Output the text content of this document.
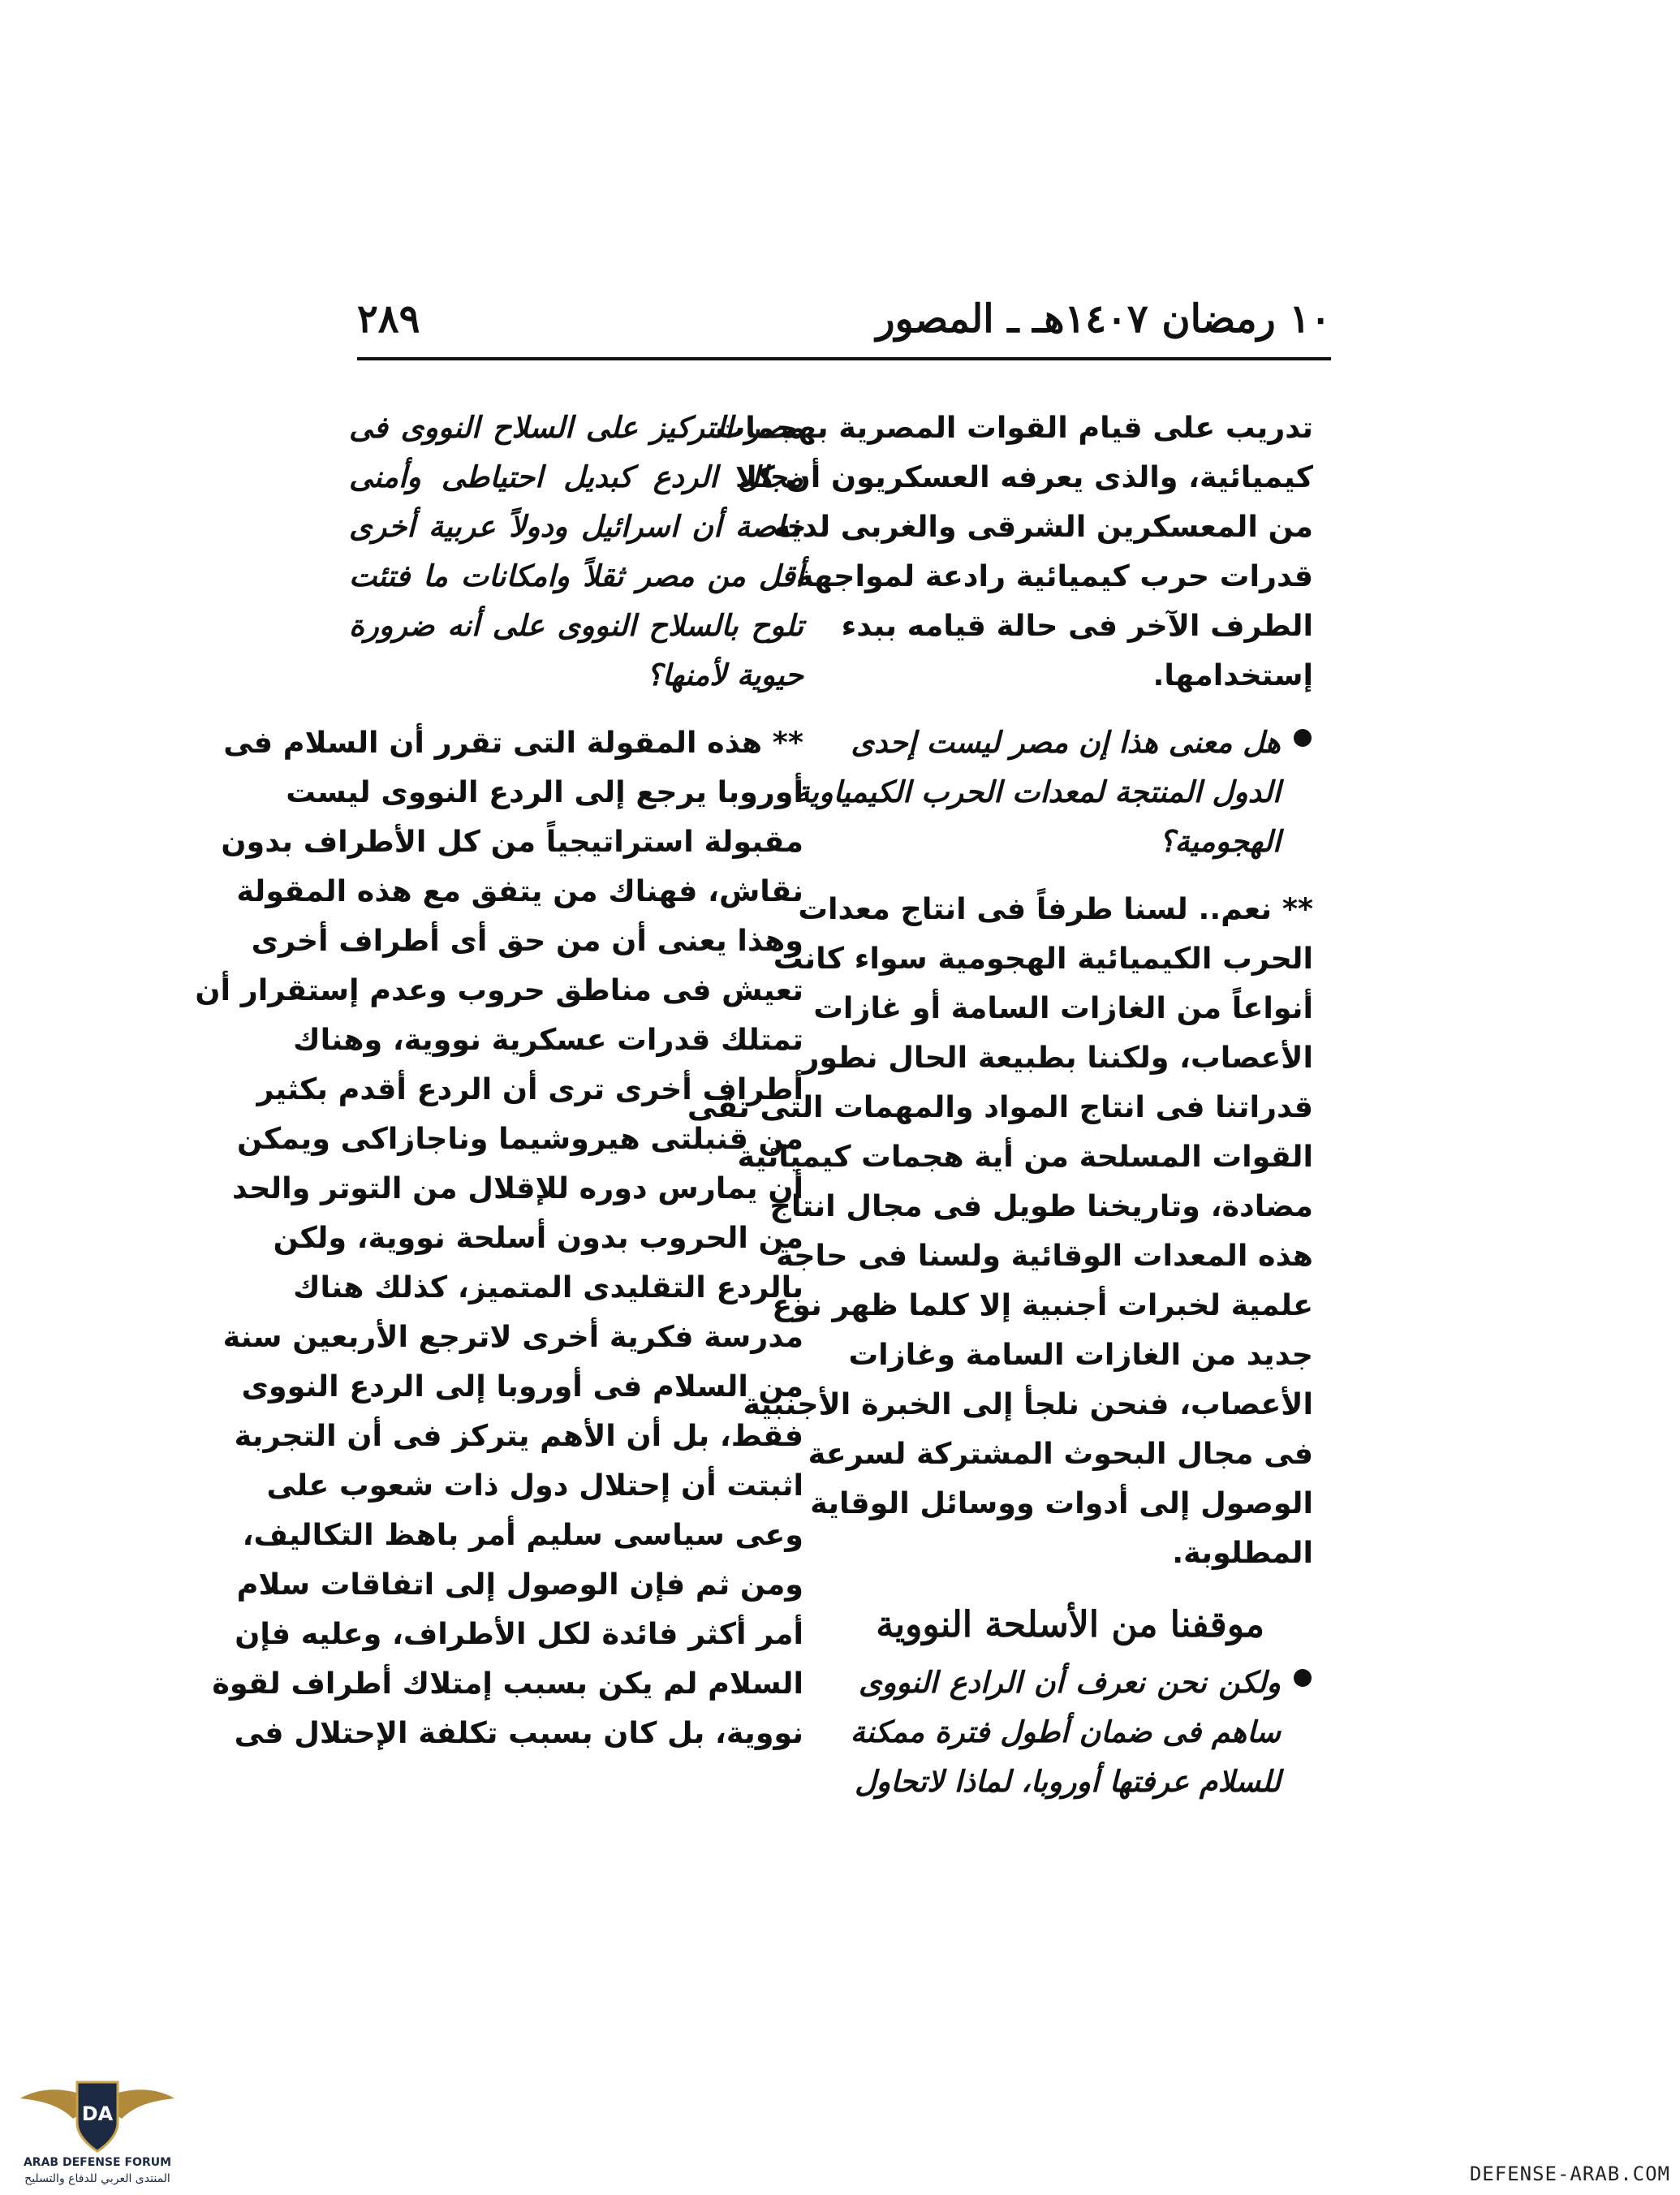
١٠ رمضان ١٤٠٧هـ ـ المصور
٢٨٩

تدريب على قيام القوات المصرية بهجمات
كيميائية، والذى يعرفه العسكريون أن كلا
من المعسكرين الشرقى والغربى لديه
قدرات حرب كيميائية رادعة لمواجهة
الطرف الآخر فى حالة قيامه ببدء
إستخدامها.

هل معنى هذا إن مصر ليست إحدى
الدول المنتجة لمعدات الحرب الكيمياوية
الهجومية؟

** نعم.. لسنا طرفاً فى انتاج معدات
الحرب الكيميائية الهجومية سواء كانت
أنواعاً من الغازات السامة أو غازات
الأعصاب، ولكننا بطبيعة الحال نطور
قدراتنا فى انتاج المواد والمهمات التى تقى
القوات المسلحة من أية هجمات كيميائية
مضادة، وتاريخنا طويل فى مجال انتاج
هذه المعدات الوقائية ولسنا فى حاجة
علمية لخبرات أجنبية إلا كلما ظهر نوع
جديد من الغازات السامة وغازات
الأعصاب، فنحن نلجأ إلى الخبرة الأجنبية
فى مجال البحوث المشتركة لسرعة
الوصول إلى أدوات ووسائل الوقاية
المطلوبة.

موقفنا من الأسلحة النووية

ولكن نحن نعرف أن الرادع النووى
ساهم فى ضمان أطول فترة ممكنة
للسلام عرفتها أوروبا، لماذا لاتحاول

مصر التركيز على السلاح النووى فى
مجال الردع كبديل احتياطى وأمنى
خاصة أن اسرائيل ودولاً عربية أخرى
أقل من مصر ثقلاً وامكانات ما فتئت
تلوح بالسلاح النووى على أنه ضرورة
حيوية لأمنها؟

** هذه المقولة التى تقرر أن السلام فى
أوروبا يرجع إلى الردع النووى ليست
مقبولة استراتيجياً من كل الأطراف بدون
نقاش، فهناك من يتفق مع هذه المقولة
وهذا يعنى أن من حق أى أطراف أخرى
تعيش فى مناطق حروب وعدم إستقرار أن
تمتلك قدرات عسكرية نووية، وهناك
أطراف أخرى ترى أن الردع أقدم بكثير
من قنبلتى هيروشيما وناجازاكى ويمكن
أن يمارس دوره للإقلال من التوتر والحد
من الحروب بدون أسلحة نووية، ولكن
بالردع التقليدى المتميز، كذلك هناك
مدرسة فكرية أخرى لاترجع الأربعين سنة
من السلام فى أوروبا إلى الردع النووى
فقط، بل أن الأهم يتركز فى أن التجربة
اثبتت أن إحتلال دول ذات شعوب على
وعى سياسى سليم أمر باهظ التكاليف،
ومن ثم فإن الوصول إلى اتفاقات سلام
أمر أكثر فائدة لكل الأطراف، وعليه فإن
السلام لم يكن بسبب إمتلاك أطراف لقوة
نووية، بل كان بسبب تكلفة الإحتلال فى

DA
ARAB DEFENSE FORUM
المنتدى العربي للدفاع والتسليح	DEFENSE-ARAB.COM
